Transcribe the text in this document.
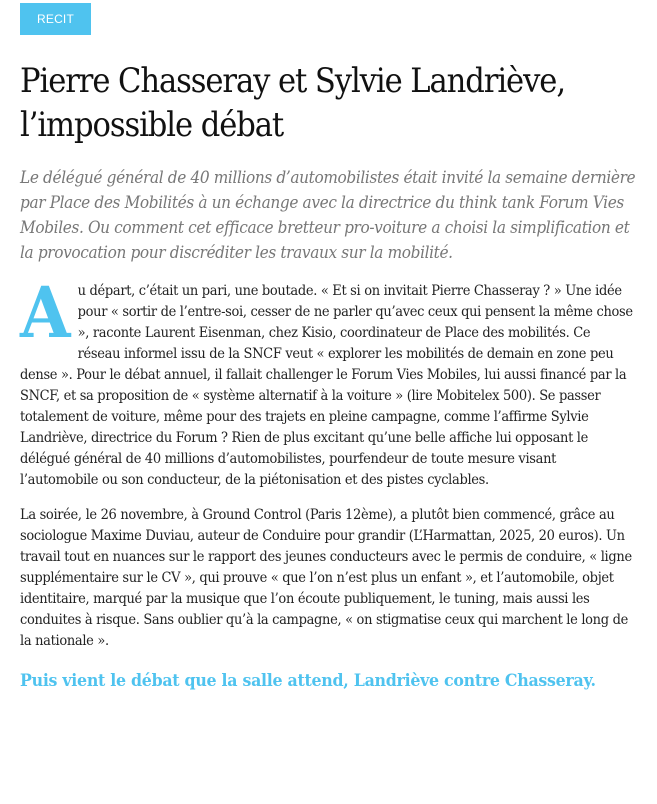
RECIT
Pierre Chasseray et Sylvie Landrièvе, l’impossible débat

Le délégué général de 40 millions d’automobilistes était invité la semaine dernière par Place des Mobilités à un échange avec la directrice du think tank Forum Vies Mobiles. Ou comment cet efficace bretteur pro-voiture a choisi la simplification et la provocation pour discréditer les travaux sur la mobilité.

A u départ, c’était un pari, une boutade. « Et si on invitait Pierre Chasseray ? » Une idée pour « sortir de l’entre-soi, cesser de ne parler qu’avec ceux qui pensent la même chose », raconte Laurent Eisenman, chez Kisio, coordinateur de Place des mobilités. Ce réseau informel issu de la SNCF veut « explorer les mobilités de demain en zone peu dense ». Pour le débat annuel, il fallait challenger le Forum Vies Mobiles, lui aussi financé par la SNCF, et sa proposition de « système alternatif à la voiture » (lire Mobitelex 500). Se passer totalement de voiture, même pour des trajets en pleine campagne, comme l’affirme Sylvie Landrièvе, directrice du Forum ? Rien de plus excitant qu’une belle affiche lui opposant le délégué général de 40 millions d’automobilistes, pourfendeur de toute mesure visant l’automobile ou son conducteur, de la piétonisation et des pistes cyclables.

La soirée, le 26 novembre, à Ground Control (Paris 12ème), a plutôt bien commencé, grâce au sociologue Maxime Duviau, auteur de Conduire pour grandir (L’Harmattan, 2025, 20 euros). Un travail tout en nuances sur le rapport des jeunes conducteurs avec le permis de conduire, « ligne supplémentaire sur le CV », qui prouve « que l’on n’est plus un enfant », et l’automobile, objet identitaire, marqué par la musique que l’on écoute publiquement, le tuning, mais aussi les conduites à risque. Sans oublier qu’à la campagne, « on stigmatise ceux qui marchent le long de la nationale ».

Puis vient le débat que la salle attend, Landrièvе contre Chasseray.
